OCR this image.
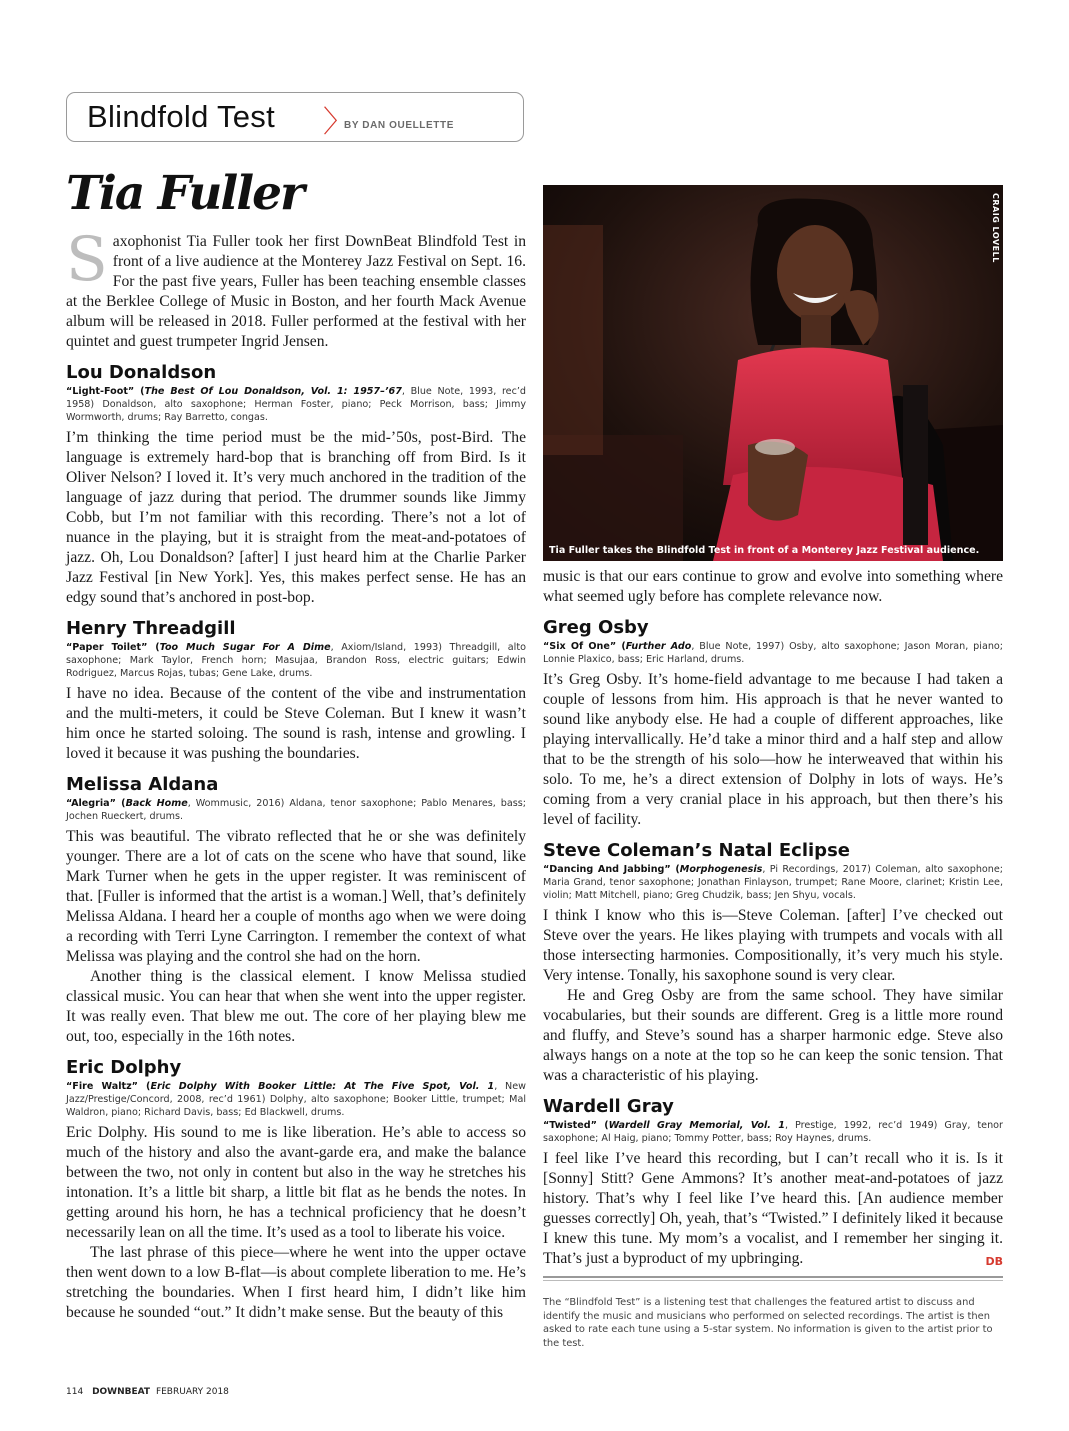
Blindfold Test 〉
BY DAN OUELLETTE
Tia Fuller	CRAIG LOVELL
Tia Fuller takes the Blindfold Test in front of a Monterey Jazz Festival audience.

Saxophonist Tia Fuller took her first DownBeat Blindfold Test in front of a live audience at the Monterey Jazz Festival on Sept. 16. For the past five years, Fuller has been teaching ensemble classes at the Berklee College of Music in Boston, and her fourth Mack Avenue album will be released in 2018. Fuller performed at the festival with her quintet and guest trumpeter Ingrid Jensen.

Lou Donaldson
“Light-Foot” (The Best Of Lou Donaldson, Vol. 1: 1957–’67, Blue Note, 1993, rec’d 1958) Donaldson, alto saxophone; Herman Foster, piano; Peck Morrison, bass; Jimmy Wormworth, drums; Ray Barretto, congas.

I’m thinking the time period must be the mid-’50s, post-Bird. The language is extremely hard-bop that is branching off from Bird. Is it Oliver Nelson? I loved it. It’s very much anchored in the tradition of the language of jazz during that period. The drummer sounds like Jimmy Cobb, but I’m not familiar with this recording. There’s not a lot of nuance in the playing, but it is straight from the meat-and-potatoes of jazz. Oh, Lou Donaldson? [after] I just heard him at the Charlie Parker Jazz Festival [in New York]. Yes, this makes perfect sense. He has an edgy sound that’s anchored in post-bop.

Henry Threadgill
“Paper Toilet” (Too Much Sugar For A Dime, Axiom/Island, 1993) Threadgill, alto saxophone; Mark Taylor, French horn; Masujaa, Brandon Ross, electric guitars; Edwin Rodriguez, Marcus Rojas, tubas; Gene Lake, drums.

I have no idea. Because of the content of the vibe and instrumentation and the multi-meters, it could be Steve Coleman. But I knew it wasn’t him once he started soloing. The sound is rash, intense and growling. I loved it because it was pushing the boundaries.

Melissa Aldana
“Alegria” (Back Home, Wommusic, 2016) Aldana, tenor saxophone; Pablo Menares, bass; Jochen Rueckert, drums.

This was beautiful. The vibrato reflected that he or she was definitely younger. There are a lot of cats on the scene who have that sound, like Mark Turner when he gets in the upper register. It was reminiscent of that. [Fuller is informed that the artist is a woman.] Well, that’s definitely Melissa Aldana. I heard her a couple of months ago when we were doing a recording with Terri Lyne Carrington. I remember the context of what Melissa was playing and the control she had on the horn.

Another thing is the classical element. I know Melissa studied classical music. You can hear that when she went into the upper register. It was really even. That blew me out. The core of her playing blew me out, too, especially in the 16th notes.

Eric Dolphy
“Fire Waltz” (Eric Dolphy With Booker Little: At The Five Spot, Vol. 1, New Jazz/Prestige/Concord, 2008, rec’d 1961) Dolphy, alto saxophone; Booker Little, trumpet; Mal Waldron, piano; Richard Davis, bass; Ed Blackwell, drums.

Eric Dolphy. His sound to me is like liberation. He’s able to access so much of the history and also the avant-garde era, and make the balance between the two, not only in content but also in the way he stretches his intonation. It’s a little bit sharp, a little bit flat as he bends the notes. In getting around his horn, he has a technical proficiency that he doesn’t necessarily lean on all the time. It’s used as a tool to liberate his voice.

The last phrase of this piece—where he went into the upper octave then went down to a low B-flat—is about complete liberation to me. He’s stretching the boundaries. When I first heard him, I didn’t like him because he sounded “out.” It didn’t make sense. But the beauty of this

music is that our ears continue to grow and evolve into something where what seemed ugly before has complete relevance now.

Greg Osby
“Six Of One” (Further Ado, Blue Note, 1997) Osby, alto saxophone; Jason Moran, piano; Lonnie Plaxico, bass; Eric Harland, drums.

It’s Greg Osby. It’s home-field advantage to me because I had taken a couple of lessons from him. His approach is that he never wanted to sound like anybody else. He had a couple of different approaches, like playing intervallically. He’d take a minor third and a half step and allow that to be the strength of his solo—how he interweaved that within his solo. To me, he’s a direct extension of Dolphy in lots of ways. He’s coming from a very cranial place in his approach, but then there’s his level of facility.

Steve Coleman’s Natal Eclipse
“Dancing And Jabbing” (Morphogenesis, Pi Recordings, 2017) Coleman, alto saxophone; Maria Grand, tenor saxophone; Jonathan Finlayson, trumpet; Rane Moore, clarinet; Kristin Lee, violin; Matt Mitchell, piano; Greg Chudzik, bass; Jen Shyu, vocals.

I think I know who this is—Steve Coleman. [after] I’ve checked out Steve over the years. He likes playing with trumpets and vocals with all those intersecting harmonies. Compositionally, it’s very much his style. Very intense. Tonally, his saxophone sound is very clear.

He and Greg Osby are from the same school. They have similar vocabularies, but their sounds are different. Greg is a little more round and fluffy, and Steve’s sound has a sharper harmonic edge. Steve also always hangs on a note at the top so he can keep the sonic tension. That was a characteristic of his playing.

Wardell Gray
“Twisted” (Wardell Gray Memorial, Vol. 1, Prestige, 1992, rec’d 1949) Gray, tenor saxophone; Al Haig, piano; Tommy Potter, bass; Roy Haynes, drums.

I feel like I’ve heard this recording, but I can’t recall who it is. Is it [Sonny] Stitt? Gene Ammons? It’s another meat-and-potatoes of jazz history. That’s why I feel like I’ve heard this. [An audience member guesses correctly] Oh, yeah, that’s “Twisted.” I definitely liked it because I knew this tune. My mom’s a vocalist, and I remember her singing it. That’s just a byproduct of my upbringing.	DB

The “Blindfold Test” is a listening test that challenges the featured artist to discuss and identify the music and musicians who performed on selected recordings. The artist is then asked to rate each tune using a 5-star system. No information is given to the artist prior to the test.
114 DOWNBEAT FEBRUARY 2018
